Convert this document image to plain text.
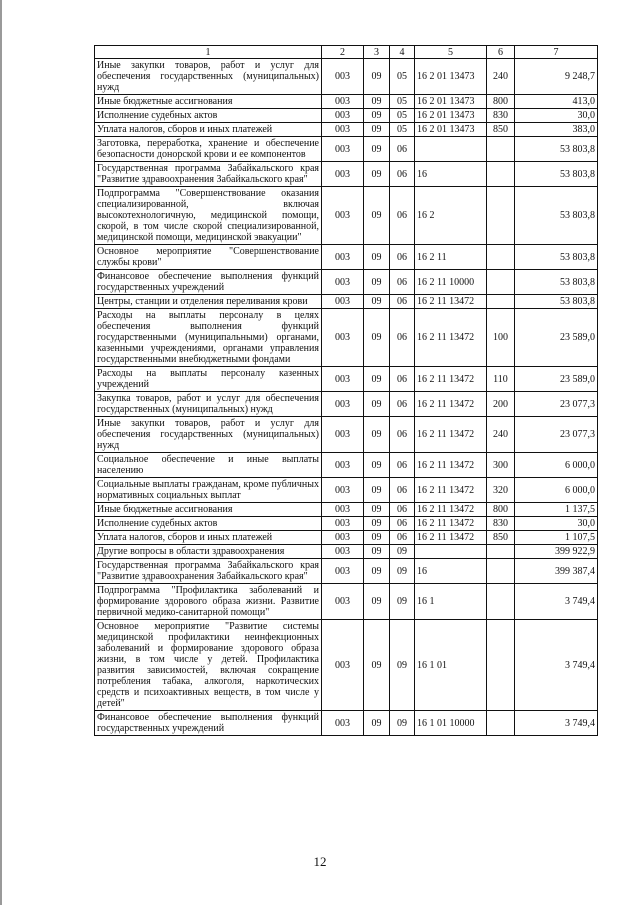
1	2	3	4	5	6	7
Иные закупки товаров, работ и услуг для обеспечения государственных (муниципальных) нужд	003	09	05	16 2 01 13473	240	9 248,7
Иные бюджетные ассигнования	003	09	05	16 2 01 13473	800	413,0
Исполнение судебных актов	003	09	05	16 2 01 13473	830	30,0
Уплата налогов, сборов и иных платежей	003	09	05	16 2 01 13473	850	383,0
Заготовка, переработка, хранение и обеспечение безопасности донорской крови и ее компонентов	003	09	06			53 803,8
Государственная программа Забайкальского края "Развитие здравоохранения Забайкальского края"	003	09	06	16		53 803,8
Подпрограмма "Совершенствование оказания специализированной, включая высокотехнологичную, медицинской помощи, скорой, в том числе скорой специализированной, медицинской помощи, медицинской эвакуации"	003	09	06	16 2		53 803,8
Основное мероприятие "Совершенствование службы крови"	003	09	06	16 2 11		53 803,8
Финансовое обеспечение выполнения функций государственных учреждений	003	09	06	16 2 11 10000		53 803,8
Центры, станции и отделения переливания крови	003	09	06	16 2 11 13472		53 803,8
Расходы на выплаты персоналу в целях обеспечения выполнения функций государственными (муниципальными) органами, казенными учреждениями, органами управления государственными внебюджетными фондами	003	09	06	16 2 11 13472	100	23 589,0
Расходы на выплаты персоналу казенных учреждений	003	09	06	16 2 11 13472	110	23 589,0
Закупка товаров, работ и услуг для обеспечения государственных (муниципальных) нужд	003	09	06	16 2 11 13472	200	23 077,3
Иные закупки товаров, работ и услуг для обеспечения государственных (муниципальных) нужд	003	09	06	16 2 11 13472	240	23 077,3
Социальное обеспечение и иные выплаты населению	003	09	06	16 2 11 13472	300	6 000,0
Социальные выплаты гражданам, кроме публичных нормативных социальных выплат	003	09	06	16 2 11 13472	320	6 000,0
Иные бюджетные ассигнования	003	09	06	16 2 11 13472	800	1 137,5
Исполнение судебных актов	003	09	06	16 2 11 13472	830	30,0
Уплата налогов, сборов и иных платежей	003	09	06	16 2 11 13472	850	1 107,5
Другие вопросы в области здравоохранения	003	09	09			399 922,9
Государственная программа Забайкальского края "Развитие здравоохранения Забайкальского края"	003	09	09	16		399 387,4
Подпрограмма "Профилактика заболеваний и формирование здорового образа жизни. Развитие первичной медико-санитарной помощи"	003	09	09	16 1		3 749,4
Основное мероприятие "Развитие системы медицинской профилактики неинфекционных заболеваний и формирование здорового образа жизни, в том числе у детей. Профилактика развития зависимостей, включая сокращение потребления табака, алкоголя, наркотических средств и психоактивных веществ, в том числе у детей"	003	09	09	16 1 01		3 749,4
Финансовое обеспечение выполнения функций государственных учреждений	003	09	09	16 1 01 10000		3 749,4
12
